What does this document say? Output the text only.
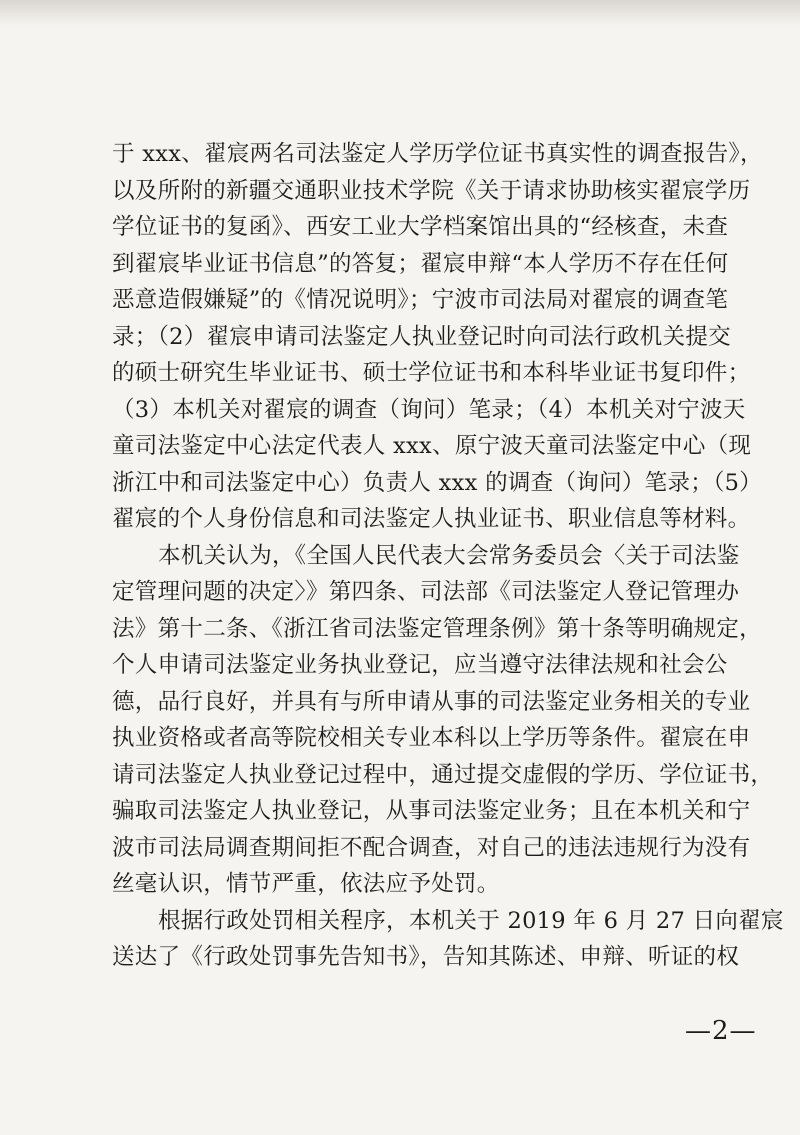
于 xxx、翟宸两名司法鉴定人学历学位证书真实性的调查报告》，
以及所附的新疆交通职业技术学院《关于请求协助核实翟宸学历
学位证书的复函》、西安工业大学档案馆出具的“经核查，未查
到翟宸毕业证书信息”的答复；翟宸申辩“本人学历不存在任何
恶意造假嫌疑”的《情况说明》；宁波市司法局对翟宸的调查笔
录；（2）翟宸申请司法鉴定人执业登记时向司法行政机关提交
的硕士研究生毕业证书、硕士学位证书和本科毕业证书复印件；
（3）本机关对翟宸的调查（询问）笔录；（4）本机关对宁波天
童司法鉴定中心法定代表人 xxx、原宁波天童司法鉴定中心（现
浙江中和司法鉴定中心）负责人 xxx 的调查（询问）笔录；（5）
翟宸的个人身份信息和司法鉴定人执业证书、职业信息等材料。
本机关认为，《全国人民代表大会常务委员会〈关于司法鉴
定管理问题的决定〉》第四条、司法部《司法鉴定人登记管理办
法》第十二条、《浙江省司法鉴定管理条例》第十条等明确规定，
个人申请司法鉴定业务执业登记，应当遵守法律法规和社会公
德，品行良好，并具有与所申请从事的司法鉴定业务相关的专业
执业资格或者高等院校相关专业本科以上学历等条件。翟宸在申
请司法鉴定人执业登记过程中，通过提交虚假的学历、学位证书，
骗取司法鉴定人执业登记，从事司法鉴定业务；且在本机关和宁
波市司法局调查期间拒不配合调查，对自己的违法违规行为没有
丝毫认识，情节严重，依法应予处罚。
根据行政处罚相关程序，本机关于 2019 年 6 月 27 日向翟宸
送达了《行政处罚事先告知书》，告知其陈述、申辩、听证的权
—2—
